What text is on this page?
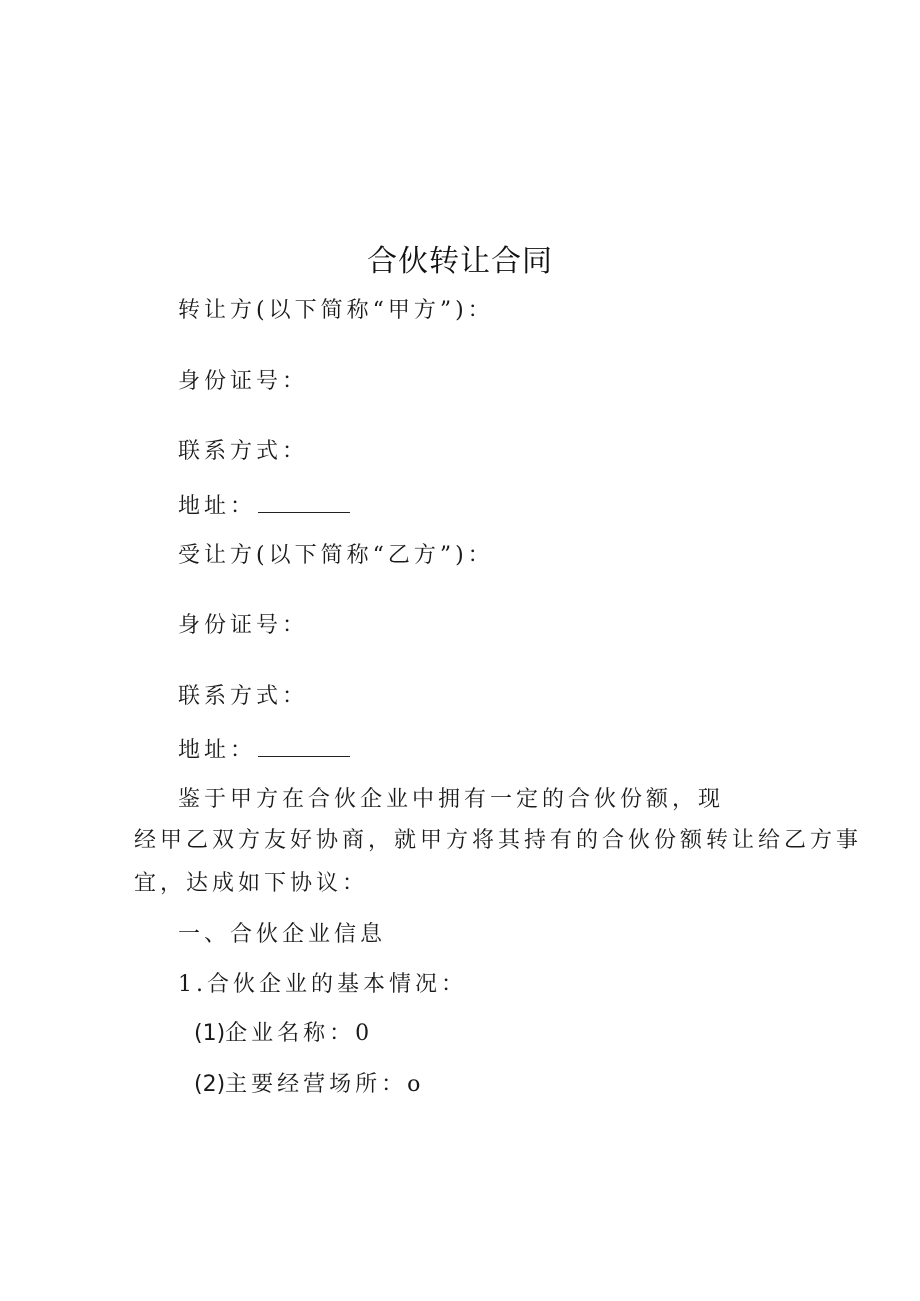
合伙转让合同
转让方(以下简称“甲方”)：
身份证号：
联系方式：
地址：
受让方(以下简称“乙方”)：
身份证号：
联系方式：
地址：
鉴于甲方在合伙企业中拥有一定的合伙份额，现
经甲乙双方友好协商，就甲方将其持有的合伙份额转让给乙方事
宜，达成如下协议：
一、合伙企业信息
1.合伙企业的基本情况：
(1)企业名称：0
(2)主要经营场所：o
